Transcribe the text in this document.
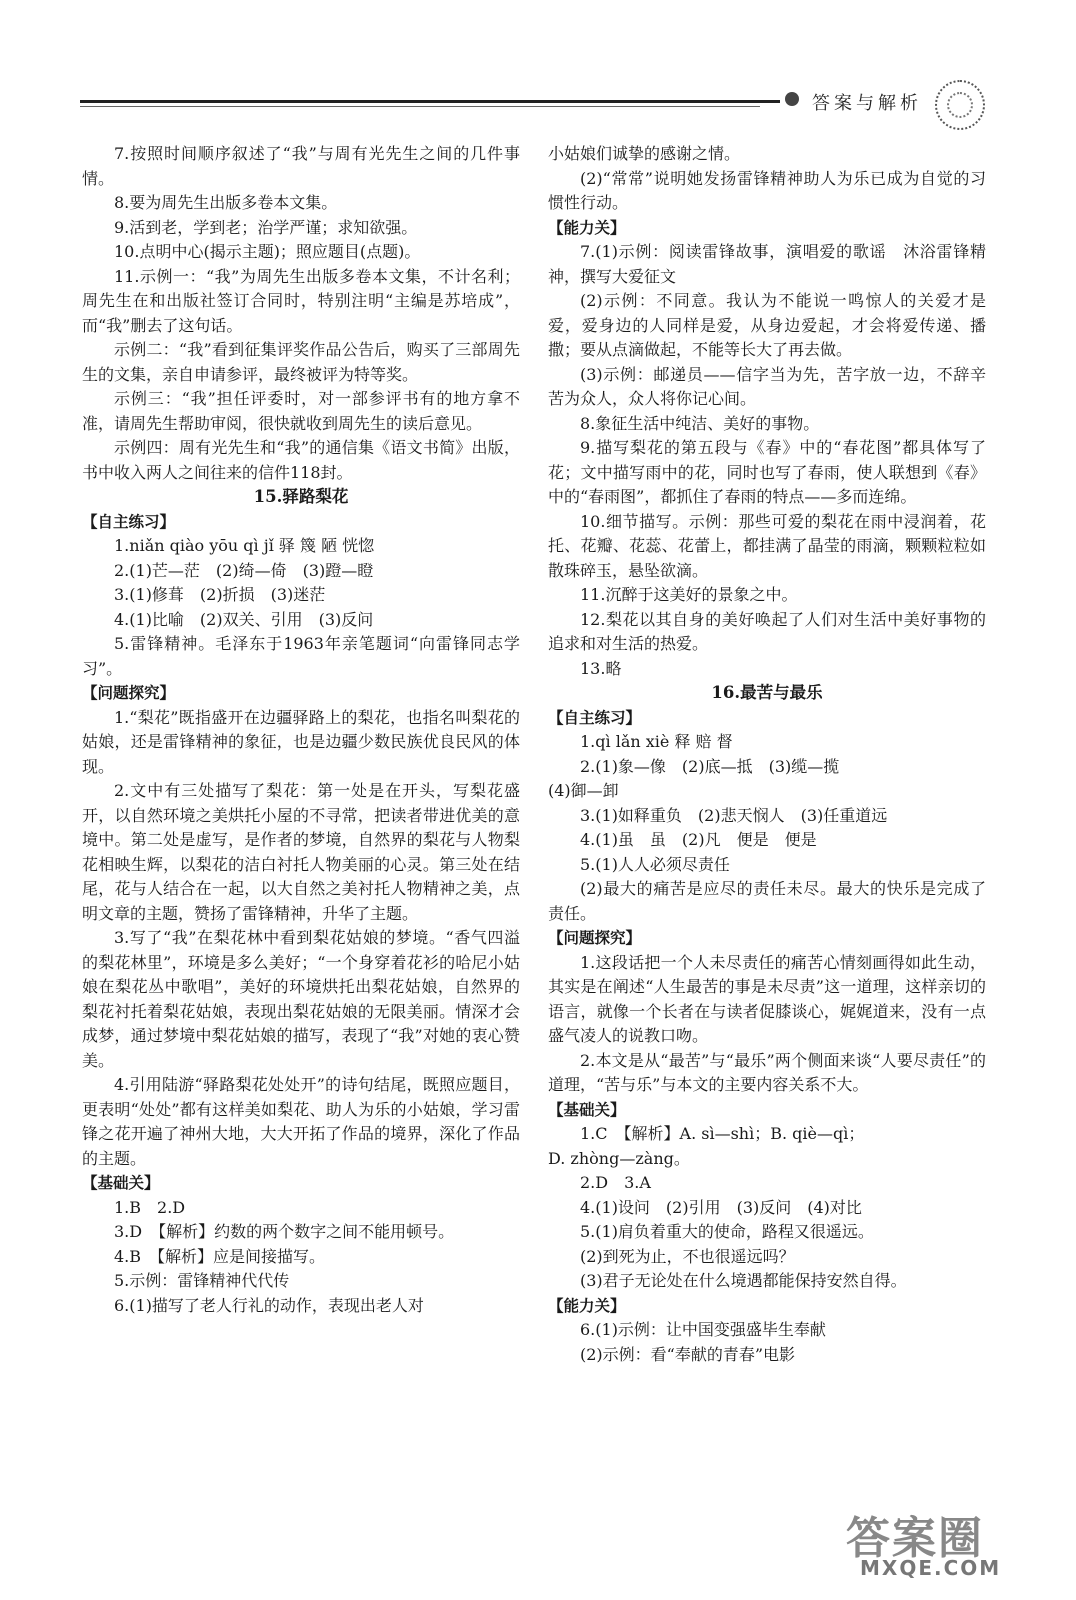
答案与解析

7.按照时间顺序叙述了“我”与周有光先生之间的几件事情。

8.要为周先生出版多卷本文集。

9.活到老，学到老；治学严谨；求知欲强。

10.点明中心(揭示主题)；照应题目(点题)。

11.示例一：“我”为周先生出版多卷本文集，不计名利；周先生在和出版社签订合同时，特别注明“主编是苏培成”，而“我”删去了这句话。

示例二：“我”看到征集评奖作品公告后，购买了三部周先生的文集，亲自申请参评，最终被评为特等奖。

示例三：“我”担任评委时，对一部参评书有的地方拿不准，请周先生帮助审阅，很快就收到周先生的读后意见。

示例四：周有光先生和“我”的通信集《语文书简》出版，书中收入两人之间往来的信件118封。

15.驿路梨花

【自主练习】

1.niǎn qiào yōu qì jǐ 驿 篾 陋 恍惚

2.(1)芒—茫　(2)绮—倚　(3)蹬—瞪

3.(1)修葺　(2)折损　(3)迷茫

4.(1)比喻　(2)双关、引用　(3)反问

5.雷锋精神。毛泽东于1963年亲笔题词“向雷锋同志学习”。

【问题探究】

1.“梨花”既指盛开在边疆驿路上的梨花，也指名叫梨花的姑娘，还是雷锋精神的象征，也是边疆少数民族优良民风的体现。

2.文中有三处描写了梨花：第一处是在开头，写梨花盛开，以自然环境之美烘托小屋的不寻常，把读者带进优美的意境中。第二处是虚写，是作者的梦境，自然界的梨花与人物梨花相映生辉，以梨花的洁白衬托人物美丽的心灵。第三处在结尾，花与人结合在一起，以大自然之美衬托人物精神之美，点明文章的主题，赞扬了雷锋精神，升华了主题。

3.写了“我”在梨花林中看到梨花姑娘的梦境。“香气四溢的梨花林里”，环境是多么美好；“一个身穿着花衫的哈尼小姑娘在梨花丛中歌唱”，美好的环境烘托出梨花姑娘，自然界的梨花衬托着梨花姑娘，表现出梨花姑娘的无限美丽。情深才会成梦，通过梦境中梨花姑娘的描写，表现了“我”对她的衷心赞美。

4.引用陆游“驿路梨花处处开”的诗句结尾，既照应题目，更表明“处处”都有这样美如梨花、助人为乐的小姑娘，学习雷锋之花开遍了神州大地，大大开拓了作品的境界，深化了作品的主题。

【基础关】

1.B　2.D

3.D　【解析】约数的两个数字之间不能用顿号。

4.B　【解析】应是间接描写。

5.示例：雷锋精神代代传

6.(1)描写了老人行礼的动作，表现出老人对

小姑娘们诚挚的感谢之情。

(2)“常常”说明她发扬雷锋精神助人为乐已成为自觉的习惯性行动。

【能力关】

7.(1)示例：阅读雷锋故事，演唱爱的歌谣　沐浴雷锋精神，撰写大爱征文

(2)示例：不同意。我认为不能说一鸣惊人的关爱才是爱，爱身边的人同样是爱，从身边爱起，才会将爱传递、播撒；要从点滴做起，不能等长大了再去做。

(3)示例：邮递员——信字当为先，苦字放一边，不辞辛苦为众人，众人将你记心间。

8.象征生活中纯洁、美好的事物。

9.描写梨花的第五段与《春》中的“春花图”都具体写了花；文中描写雨中的花，同时也写了春雨，使人联想到《春》中的“春雨图”，都抓住了春雨的特点——多而连绵。

10.细节描写。示例：那些可爱的梨花在雨中浸润着，花托、花瓣、花蕊、花蕾上，都挂满了晶莹的雨滴，颗颗粒粒如散珠碎玉，悬坠欲滴。

11.沉醉于这美好的景象之中。

12.梨花以其自身的美好唤起了人们对生活中美好事物的追求和对生活的热爱。

13.略

16.最苦与最乐

【自主练习】

1.qì lǎn xiè 释 赔 督

2.(1)象—像　(2)底—抵　(3)缆—揽

(4)御—卸

3.(1)如释重负　(2)悲天悯人　(3)任重道远

4.(1)虽　虽　(2)凡　便是　便是

5.(1)人人必须尽责任

(2)最大的痛苦是应尽的责任未尽。最大的快乐是完成了责任。

【问题探究】

1.这段话把一个人未尽责任的痛苦心情刻画得如此生动，其实是在阐述“人生最苦的事是未尽责”这一道理，这样亲切的语言，就像一个长者在与读者促膝谈心，娓娓道来，没有一点盛气凌人的说教口吻。

2.本文是从“最苦”与“最乐”两个侧面来谈“人要尽责任”的道理，“苦与乐”与本文的主要内容关系不大。

【基础关】

1.C　【解析】A. sì—shì；B. qiè—qì；

D. zhòng—zàng。

2.D　3.A

4.(1)设问　(2)引用　(3)反问　(4)对比

5.(1)肩负着重大的使命，路程又很遥远。

(2)到死为止，不也很遥远吗？

(3)君子无论处在什么境遇都能保持安然自得。

【能力关】

6.(1)示例：让中国变强盛毕生奉献

(2)示例：看“奉献的青春”电影

答案圈
MXQE.COM
